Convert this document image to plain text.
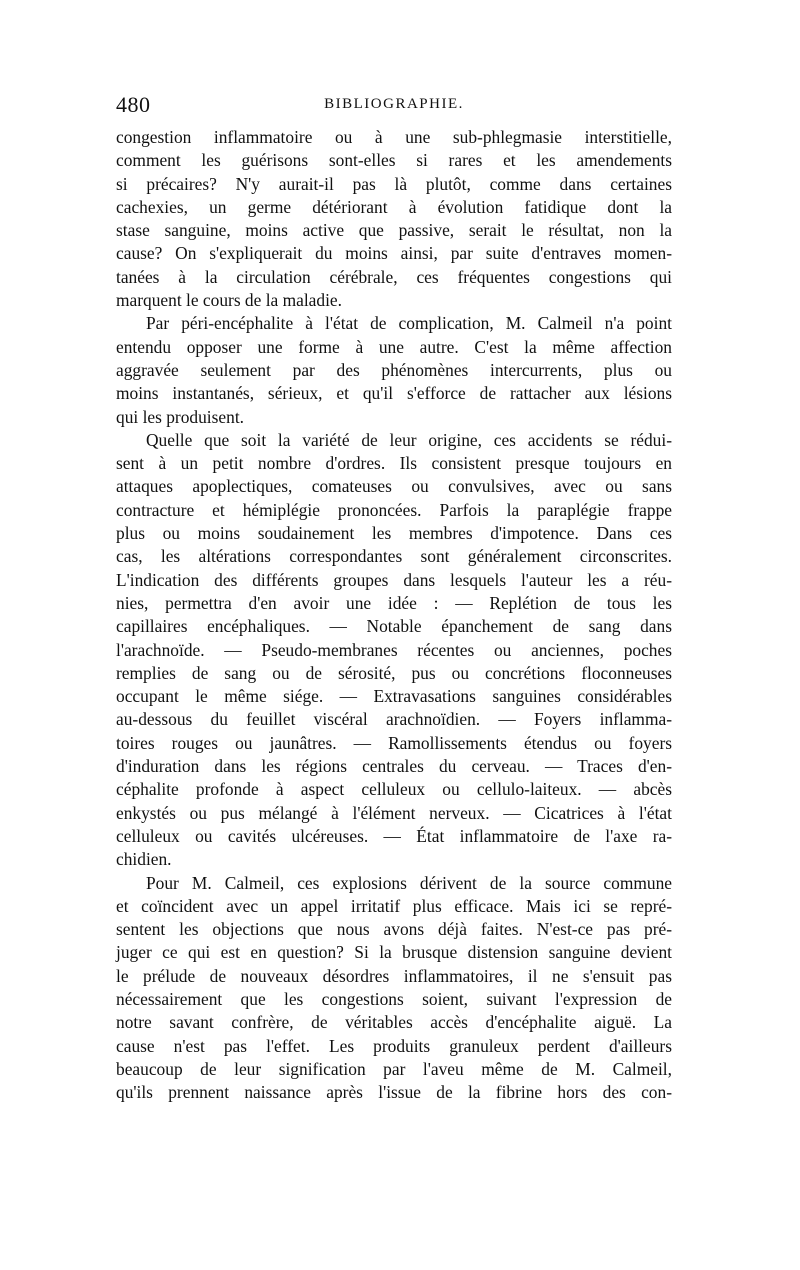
480	BIBLIOGRAPHIE.
congestion inflammatoire ou à une sub-phlegmasie interstitielle,
comment les guérisons sont-elles si rares et les amendements
si précaires? N'y aurait-il pas là plutôt, comme dans certaines
cachexies, un germe détériorant à évolution fatidique dont la
stase sanguine, moins active que passive, serait le résultat, non la
cause? On s'expliquerait du moins ainsi, par suite d'entraves momen-
tanées à la circulation cérébrale, ces fréquentes congestions qui
marquent le cours de la maladie.
Par péri-encéphalite à l'état de complication, M. Calmeil n'a point
entendu opposer une forme à une autre. C'est la même affection
aggravée seulement par des phénomènes intercurrents, plus ou
moins instantanés, sérieux, et qu'il s'efforce de rattacher aux lésions
qui les produisent.
Quelle que soit la variété de leur origine, ces accidents se rédui-
sent à un petit nombre d'ordres. Ils consistent presque toujours en
attaques apoplectiques, comateuses ou convulsives, avec ou sans
contracture et hémiplégie prononcées. Parfois la paraplégie frappe
plus ou moins soudainement les membres d'impotence. Dans ces
cas, les altérations correspondantes sont généralement circonscrites.
L'indication des différents groupes dans lesquels l'auteur les a réu-
nies, permettra d'en avoir une idée : — Replétion de tous les
capillaires encéphaliques. — Notable épanchement de sang dans
l'arachnoïde. — Pseudo-membranes récentes ou anciennes, poches
remplies de sang ou de sérosité, pus ou concrétions floconneuses
occupant le même siége. — Extravasations sanguines considérables
au-dessous du feuillet viscéral arachnoïdien. — Foyers inflamma-
toires rouges ou jaunâtres. — Ramollissements étendus ou foyers
d'induration dans les régions centrales du cerveau. — Traces d'en-
céphalite profonde à aspect celluleux ou cellulo-laiteux. — abcès
enkystés ou pus mélangé à l'élément nerveux. — Cicatrices à l'état
celluleux ou cavités ulcéreuses. — État inflammatoire de l'axe ra-
chidien.
Pour M. Calmeil, ces explosions dérivent de la source commune
et coïncident avec un appel irritatif plus efficace. Mais ici se repré-
sentent les objections que nous avons déjà faites. N'est-ce pas pré-
juger ce qui est en question? Si la brusque distension sanguine devient
le prélude de nouveaux désordres inflammatoires, il ne s'ensuit pas
nécessairement que les congestions soient, suivant l'expression de
notre savant confrère, de véritables accès d'encéphalite aiguë. La
cause n'est pas l'effet. Les produits granuleux perdent d'ailleurs
beaucoup de leur signification par l'aveu même de M. Calmeil,
qu'ils prennent naissance après l'issue de la fibrine hors des con-
